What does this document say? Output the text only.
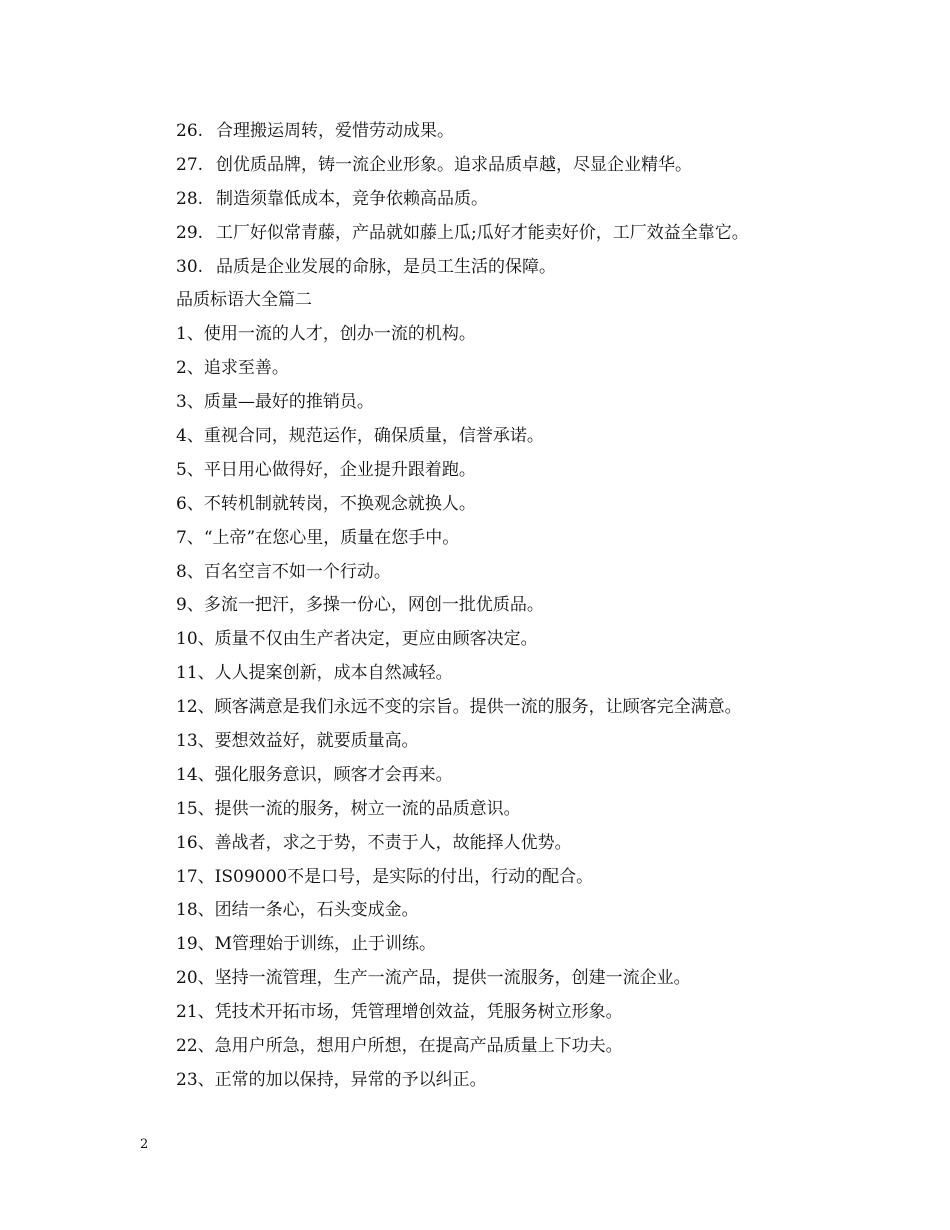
26. 合理搬运周转，爱惜劳动成果。
27. 创优质品牌，铸一流企业形象。追求品质卓越，尽显企业精华。
28. 制造须靠低成本，竞争依赖高品质。
29. 工厂好似常青藤，产品就如藤上瓜;瓜好才能卖好价，工厂效益全靠它。
30. 品质是企业发展的命脉，是员工生活的保障。
品质标语大全篇二
1、使用一流的人才，创办一流的机构。
2、追求至善。
3、质量—最好的推销员。
4、重视合同，规范运作，确保质量，信誉承诺。
5、平日用心做得好，企业提升跟着跑。
6、不转机制就转岗，不换观念就换人。
7、“上帝”在您心里，质量在您手中。
8、百名空言不如一个行动。
9、多流一把汗，多操一份心，网创一批优质品。
10、质量不仅由生产者决定，更应由顾客决定。
11、人人提案创新，成本自然减轻。
12、顾客满意是我们永远不变的宗旨。提供一流的服务，让顾客完全满意。
13、要想效益好，就要质量高。
14、强化服务意识，顾客才会再来。
15、提供一流的服务，树立一流的品质意识。
16、善战者，求之于势，不责于人，故能择人优势。
17、IS09000不是口号，是实际的付出，行动的配合。
18、团结一条心，石头变成金。
19、M管理始于训练，止于训练。
20、坚持一流管理，生产一流产品，提供一流服务，创建一流企业。
21、凭技术开拓市场，凭管理增创效益，凭服务树立形象。
22、急用户所急，想用户所想，在提高产品质量上下功夫。
23、正常的加以保持，异常的予以纠正。
2
